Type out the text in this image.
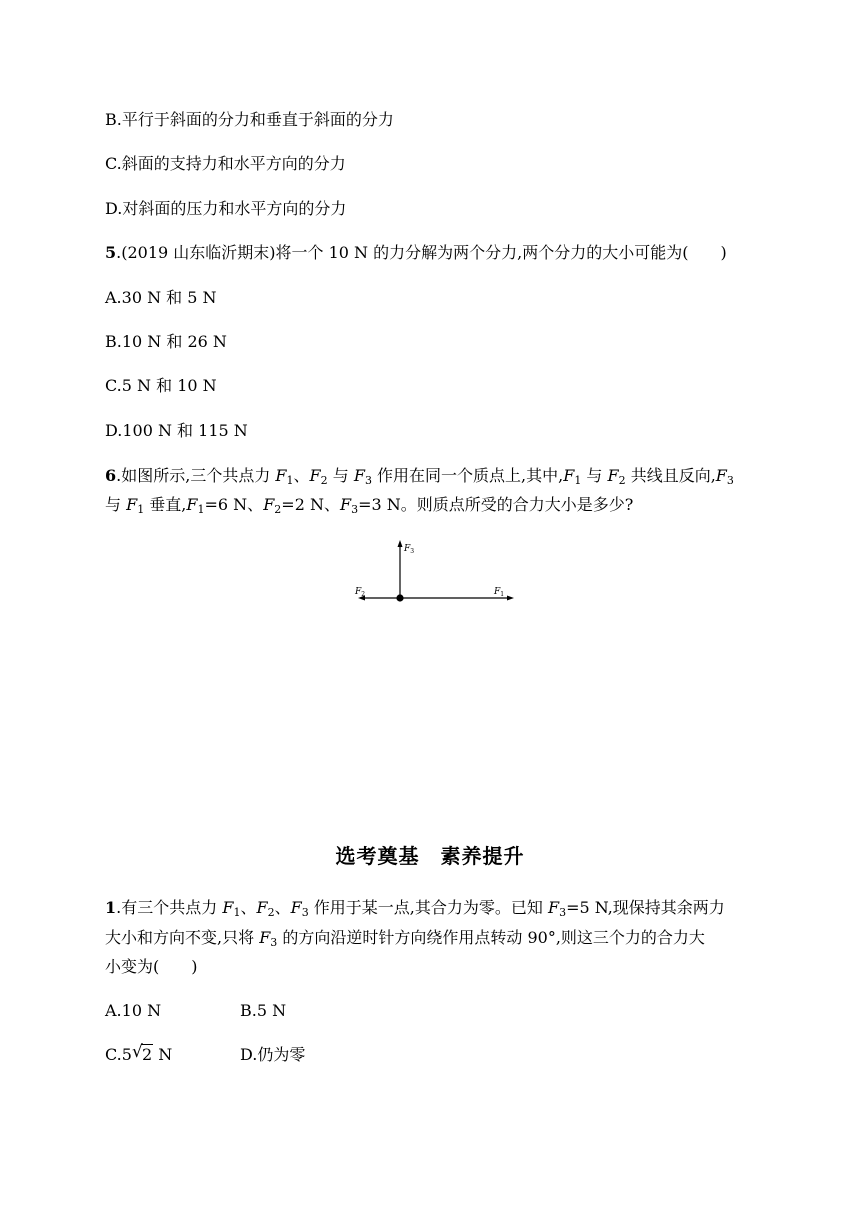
B.平行于斜面的分力和垂直于斜面的分力
C.斜面的支持力和水平方向的分力
D.对斜面的压力和水平方向的分力
5.(2019 山东临沂期末)将一个 10 N 的力分解为两个分力,两个分力的大小可能为(　　)
A.30 N 和 5 N
B.10 N 和 26 N
C.5 N 和 10 N
D.100 N 和 115 N
6.如图所示,三个共点力 $F_1$、$F_2$ 与 $F_3$ 作用在同一个质点上,其中$,F_1$ 与 $F_2$ 共线且反向$,F_3$
与 $F_1$ 垂直$,F_1=6$ N、$F_2=2$ N、$F_3=3$ N。则质点所受的合力大小是多少?
$F_3$
$F_1$
$F_2$
选考奠基　素养提升
1.有三个共点力 $F_1$、$F_2$、$F_3$ 作用于某一点,其合力为零。已知 $F_3=5$ N,现保持其余两力
大小和方向不变,只将 $F_3$ 的方向沿逆时针方向绕作用点转动 90°,则这三个力的合力大
小变为(　　)
A.10 N	B.5 N
C.5 √ 2 N	D.仍为零
